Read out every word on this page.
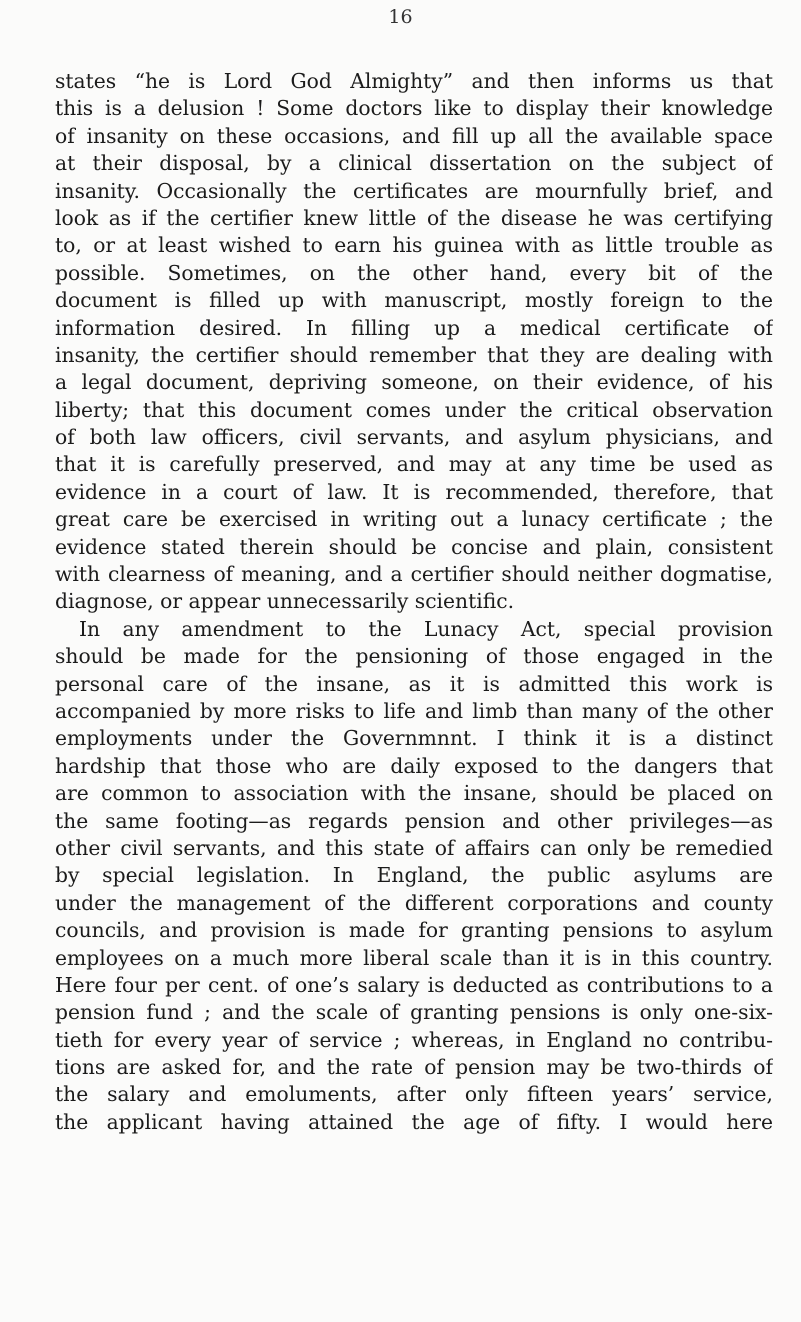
16
states “he is Lord God Almighty” and then informs us that
this is a delusion ! Some doctors like to display their knowledge
of insanity on these occasions, and fill up all the available space
at their disposal, by a clinical dissertation on the subject of
insanity. Occasionally the certificates are mournfully brief, and
look as if the certifier knew little of the disease he was certifying
to, or at least wished to earn his guinea with as little trouble as
possible. Sometimes, on the other hand, every bit of the
document is filled up with manuscript, mostly foreign to the
information desired. In filling up a medical certificate of
insanity, the certifier should remember that they are dealing with
a legal document, depriving someone, on their evidence, of his
liberty; that this document comes under the critical observation
of both law officers, civil servants, and asylum physicians, and
that it is carefully preserved, and may at any time be used as
evidence in a court of law. It is recommended, therefore, that
great care be exercised in writing out a lunacy certificate ; the
evidence stated therein should be concise and plain, consistent
with clearness of meaning, and a certifier should neither dogmatise,
diagnose, or appear unnecessarily scientific.
In any amendment to the Lunacy Act, special provision
should be made for the pensioning of those engaged in the
personal care of the insane, as it is admitted this work is
accompanied by more risks to life and limb than many of the other
employments under the Governmnnt. I think it is a distinct
hardship that those who are daily exposed to the dangers that
are common to association with the insane, should be placed on
the same footing—as regards pension and other privileges—as
other civil servants, and this state of affairs can only be remedied
by special legislation. In England, the public asylums are
under the management of the different corporations and county
councils, and provision is made for granting pensions to asylum
employees on a much more liberal scale than it is in this country.
Here four per cent. of one’s salary is deducted as contributions to a
pension fund ; and the scale of granting pensions is only one-six-
tieth for every year of service ; whereas, in England no contribu-
tions are asked for, and the rate of pension may be two-thirds of
the salary and emoluments, after only fifteen years’ service,
the applicant having attained the age of fifty. I would here
